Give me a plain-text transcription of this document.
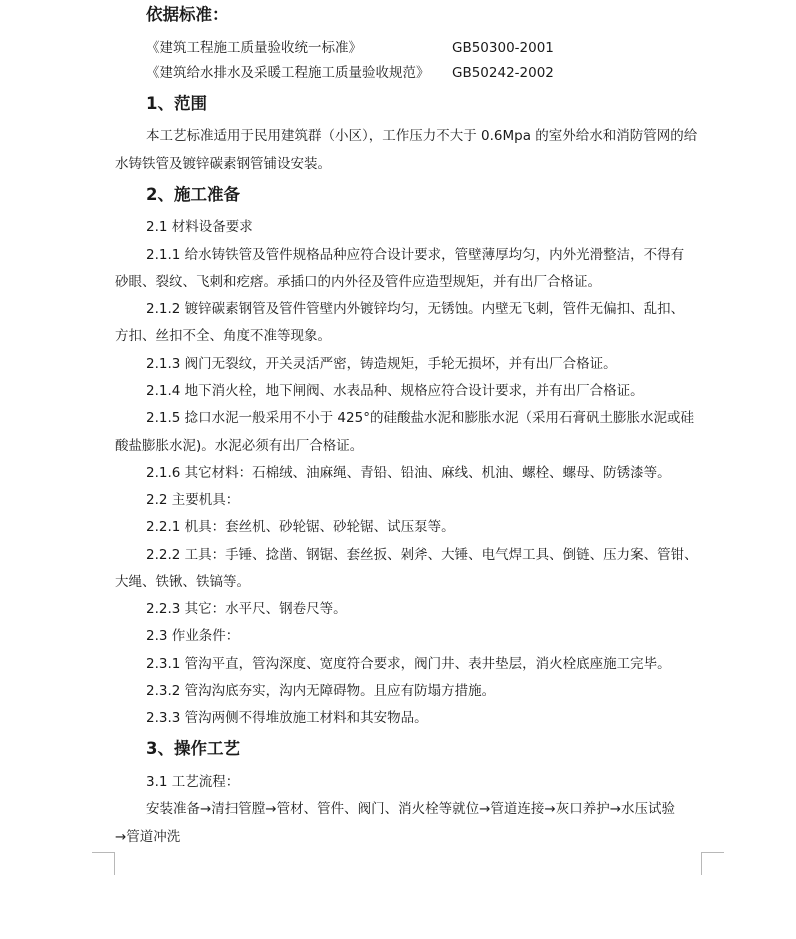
依据标准：
《建筑工程施工质量验收统一标准》	GB50300-2001
《建筑给水排水及采暖工程施工质量验收规范》 GB50242-2002
1、范围
本工艺标准适用于民用建筑群（小区），工作压力不大于 0.6Mpa 的室外给水和消防管网的给
水铸铁管及镀锌碳素钢管铺设安装。
2、施工准备
2.1 材料设备要求
2.1.1 给水铸铁管及管件规格品种应符合设计要求，管壁薄厚均匀，内外光滑整洁，不得有
砂眼、裂纹、飞刺和疙瘩。承插口的内外径及管件应造型规矩，并有出厂合格证。
2.1.2 镀锌碳素钢管及管件管壁内外镀锌均匀，无锈蚀。内壁无飞刺，管件无偏扣、乱扣、
方扣、丝扣不全、角度不准等现象。
2.1.3 阀门无裂纹，开关灵活严密，铸造规矩，手轮无损坏，并有出厂合格证。
2.1.4 地下消火栓，地下闸阀、水表品种、规格应符合设计要求，并有出厂合格证。
2.1.5 捻口水泥一般采用不小于 425°的硅酸盐水泥和膨胀水泥（采用石膏矾土膨胀水泥或硅
酸盐膨胀水泥)。水泥必须有出厂合格证。
2.1.6 其它材料：石棉绒、油麻绳、青铅、铅油、麻线、机油、螺栓、螺母、防锈漆等。
2.2 主要机具：
2.2.1 机具：套丝机、砂轮锯、砂轮锯、试压泵等。
2.2.2 工具：手锤、捻凿、钢锯、套丝扳、剁斧、大锤、电气焊工具、倒链、压力案、管钳、
大绳、铁锹、铁镐等。
2.2.3 其它：水平尺、钢卷尺等。
2.3 作业条件：
2.3.1 管沟平直，管沟深度、宽度符合要求，阀门井、表井垫层，消火栓底座施工完毕。
2.3.2 管沟沟底夯实，沟内无障碍物。且应有防塌方措施。
2.3.3 管沟两侧不得堆放施工材料和其安物品。
3、操作工艺
3.1 工艺流程：
安装准备→清扫管膛→管材、管件、阀门、消火栓等就位→管道连接→灰口养护→水压试验
→管道冲洗
